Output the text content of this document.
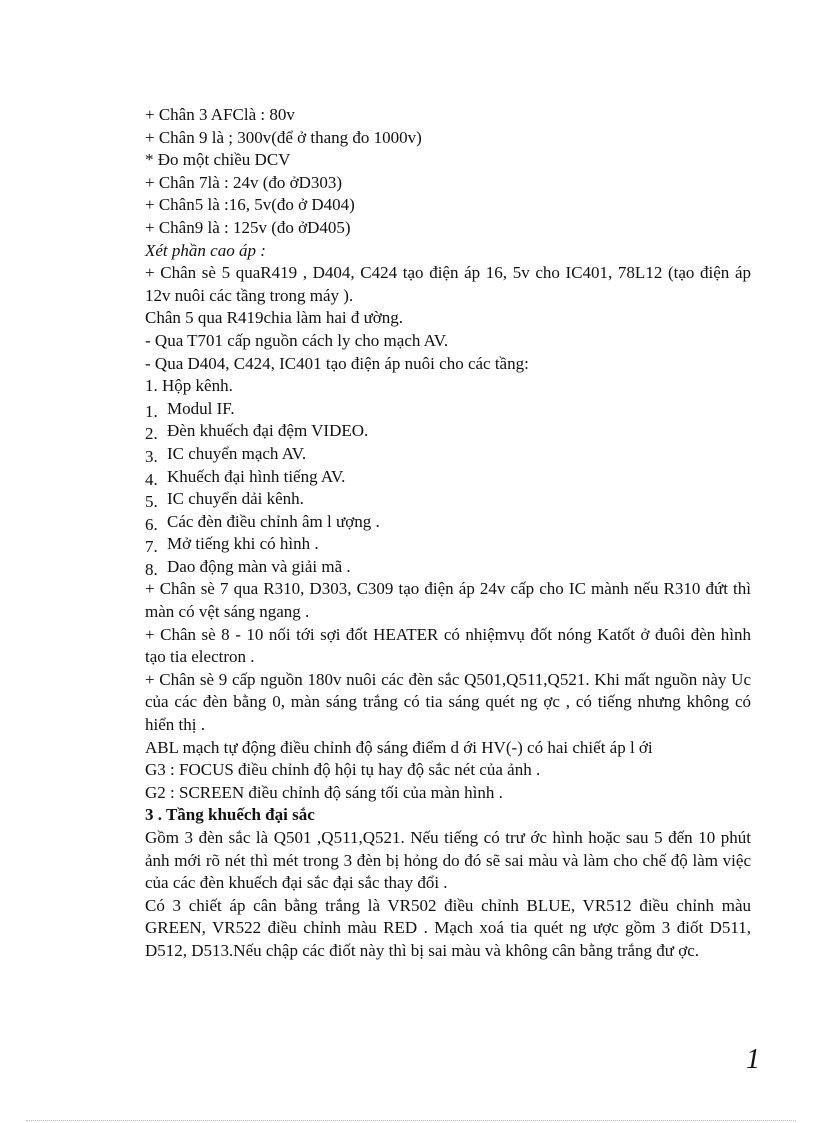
+ Chân 3 AFClà : 80v
+ Chân 9 là ; 300v(để ở thang đo 1000v)
* Đo một chiều DCV
+ Chân 7là : 24v (đo ởD303)
+ Chân5 là :16, 5v(đo ở D404)
+ Chân9 là : 125v (đo ởD405)
Xét phần cao áp :
+ Chân sè 5 quaR419 , D404, C424 tạo điện áp 16, 5v cho IC401, 78L12 (tạo điện áp 12v nuôi các tầng trong máy ).
Chân 5 qua R419chia làm hai đ ường.
- Qua T701 cấp nguồn cách ly cho mạch AV.
- Qua D404, C424, IC401 tạo điện áp nuôi cho các tầng:
1. Hộp kênh.
1. Modul IF.
2. Đèn khuếch đại đệm VIDEO.
3. IC chuyển mạch AV.
4. Khuếch đại hình tiếng AV.
5. IC chuyển dải kênh.
6. Các đèn điều chỉnh âm l ượng .
7. Mở tiếng khi có hình .
8. Dao động màn và giải mã .
+ Chân sè 7 qua R310, D303, C309 tạo điện áp 24v cấp cho IC mành nếu R310 đứt thì màn có vệt sáng ngang .
+ Chân sè 8 - 10 nối tới sợi đốt HEATER có nhiệmvụ đốt nóng Katốt ở đuôi đèn hình tạo tia electron .
+ Chân sè 9 cấp nguồn 180v nuôi các đèn sắc Q501,Q511,Q521. Khi mất nguồn này Uc của các đèn bằng 0, màn sáng trắng có tia sáng quét ng ợc , có tiếng nhưng không có hiển thị .
ABL mạch tự động điều chỉnh độ sáng điểm d ới HV(-) có hai chiết áp l ới
G3 : FOCUS điều chỉnh độ hội tụ hay độ sắc nét của ảnh .
G2 : SCREEN điều chỉnh độ sáng tối của màn hình .
3 . Tầng khuếch đại sắc
Gồm 3 đèn sắc là Q501 ,Q511,Q521. Nếu tiếng có trư ớc hình hoặc sau 5 đến 10 phút ảnh mới rõ nét thì mét trong 3 đèn bị hỏng do đó sẽ sai màu và làm cho chế độ làm việc của các đèn khuếch đại sắc đại sắc thay đổi .
Có 3 chiết áp cân bằng trắng là VR502 điều chỉnh BLUE, VR512 điều chỉnh màu GREEN, VR522 điều chỉnh màu RED . Mạch xoá tia quét ng ược gồm 3 điốt D511, D512, D513.Nếu chập các điốt này thì bị sai màu và không cân bằng trắng đư ợc.
1
